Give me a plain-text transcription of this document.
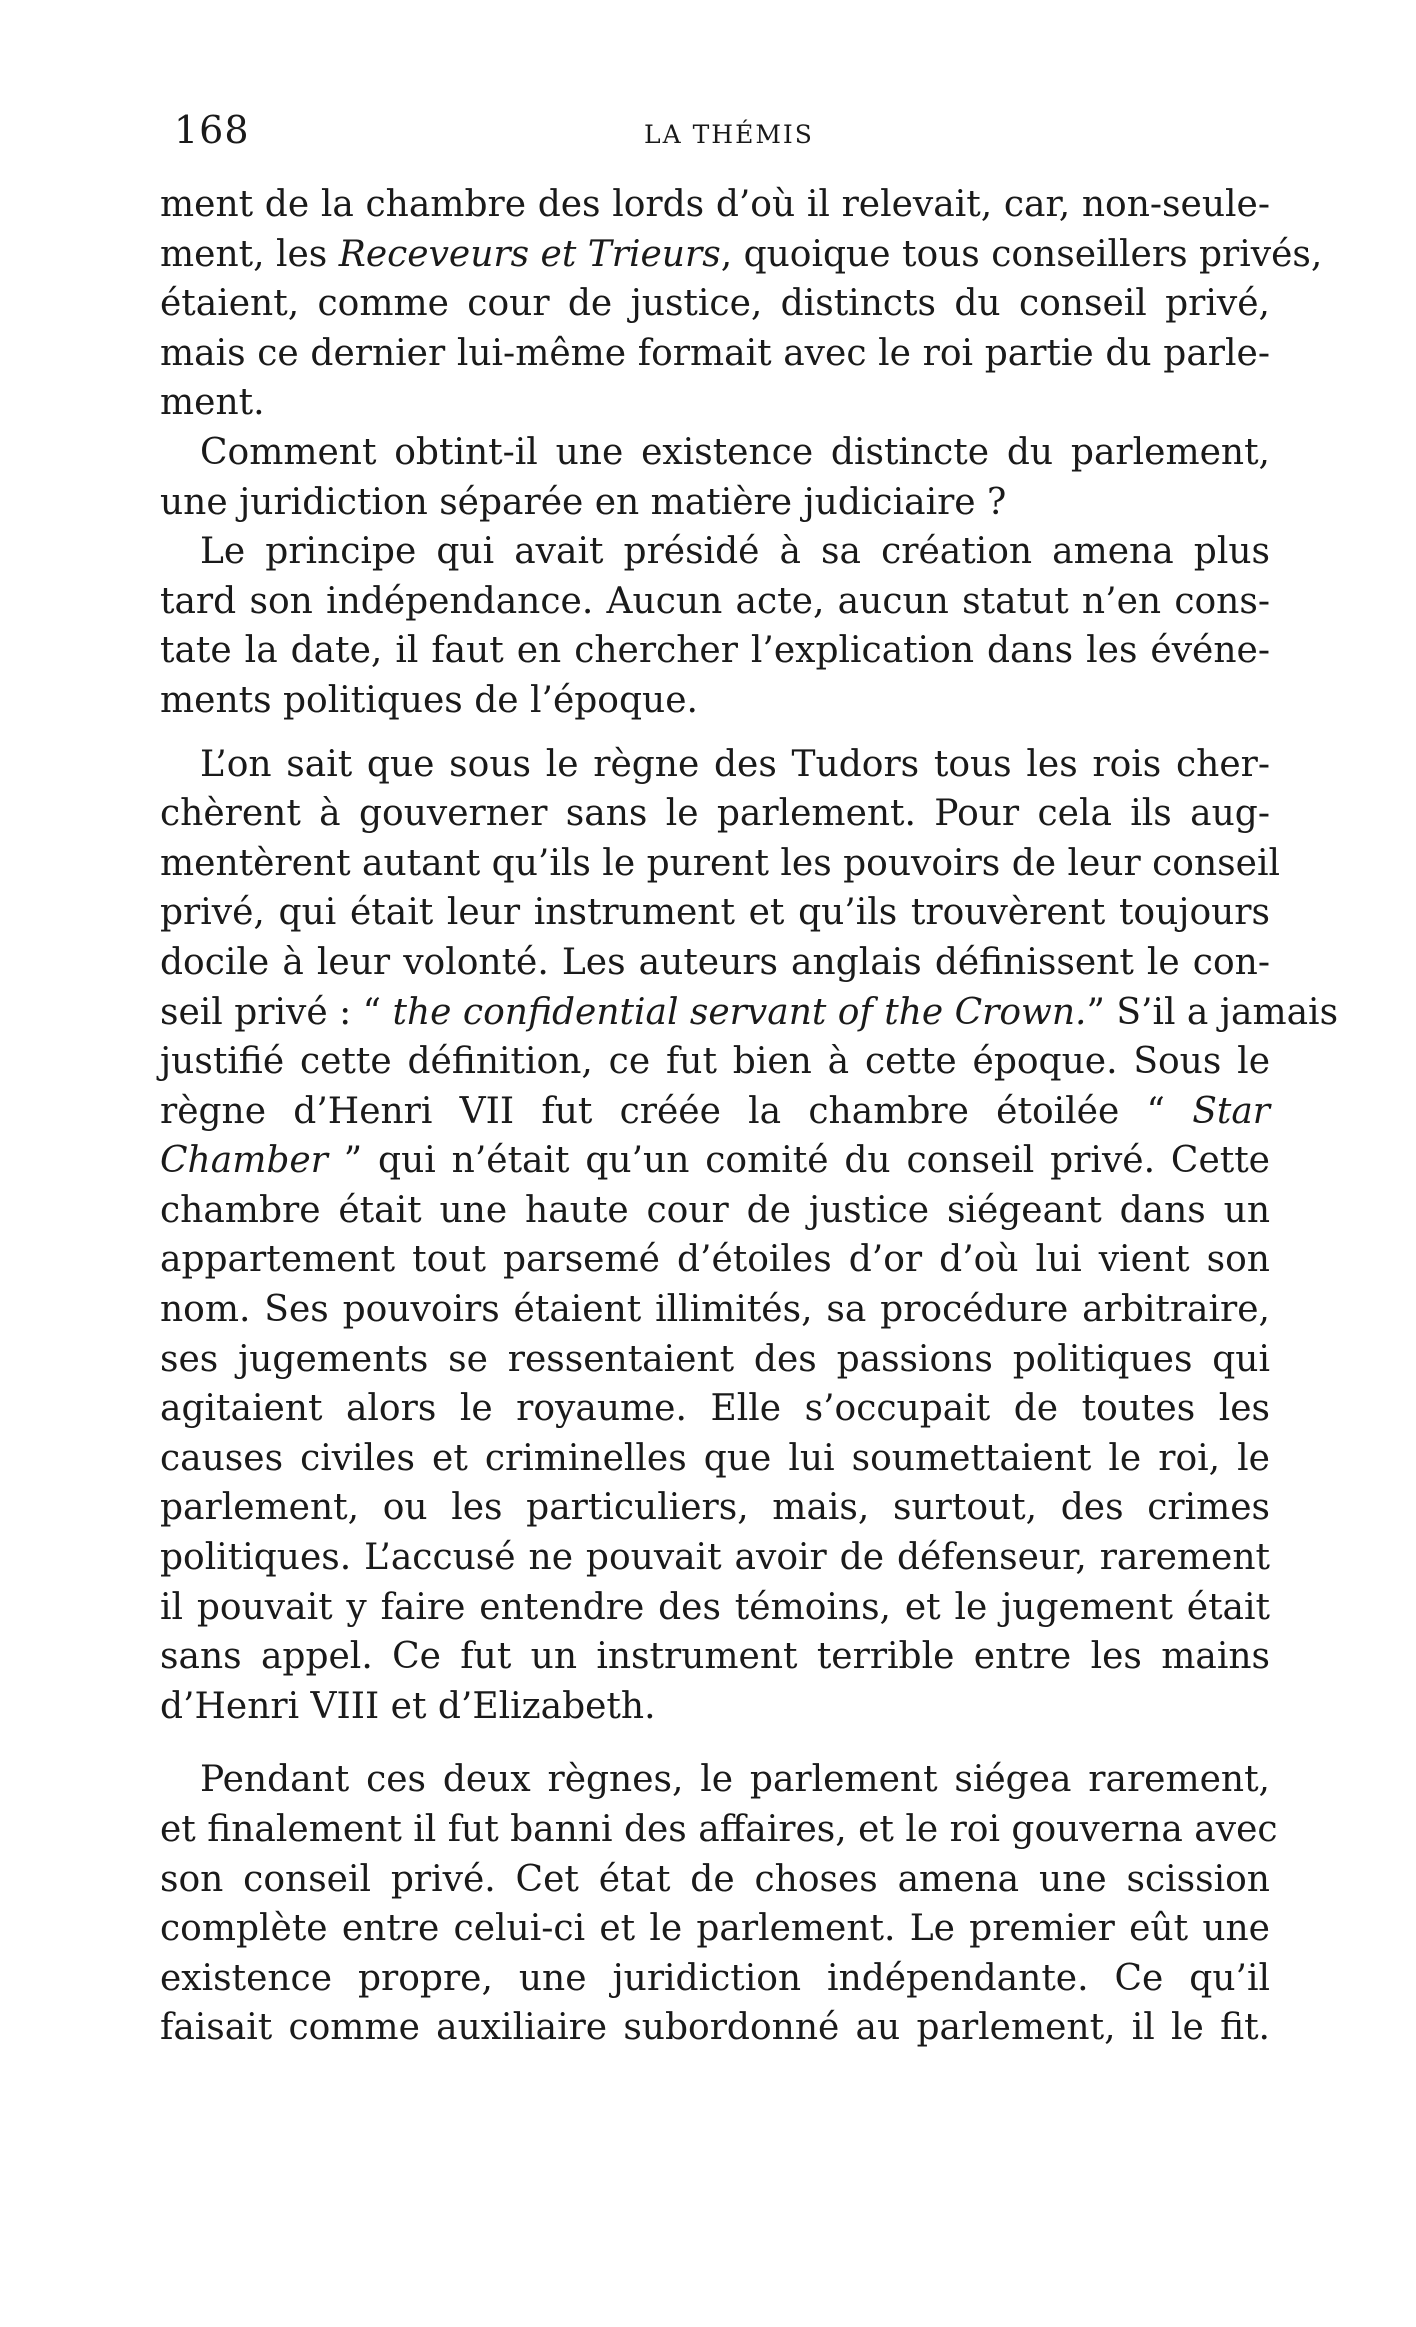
168	LA THÉMIS
ment de la chambre des lords d’où il relevait, car, non-seule-
ment, les Receveurs et Trieurs, quoique tous conseillers privés,
étaient, comme cour de justice, distincts du conseil privé,
mais ce dernier lui-même formait avec le roi partie du parle-
ment.
Comment obtint-il une existence distincte du parlement,
une juridiction séparée en matière judiciaire ?
Le principe qui avait présidé à sa création amena plus
tard son indépendance. Aucun acte, aucun statut n’en cons-
tate la date, il faut en chercher l’explication dans les événe-
ments politiques de l’époque.
L’on sait que sous le règne des Tudors tous les rois cher-
chèrent à gouverner sans le parlement. Pour cela ils aug-
mentèrent autant qu’ils le purent les pouvoirs de leur conseil
privé, qui était leur instrument et qu’ils trouvèrent toujours
docile à leur volonté. Les auteurs anglais définissent le con-
seil privé : “ the confidential servant of the Crown.” S’il a jamais
justifié cette définition, ce fut bien à cette époque. Sous le
règne d’Henri VII fut créée la chambre étoilée “ Star
Chamber ” qui n’était qu’un comité du conseil privé. Cette
chambre était une haute cour de justice siégeant dans un
appartement tout parsemé d’étoiles d’or d’où lui vient son
nom. Ses pouvoirs étaient illimités, sa procédure arbitraire,
ses jugements se ressentaient des passions politiques qui
agitaient alors le royaume. Elle s’occupait de toutes les
causes civiles et criminelles que lui soumettaient le roi, le
parlement, ou les particuliers, mais, surtout, des crimes
politiques. L’accusé ne pouvait avoir de défenseur, rarement
il pouvait y faire entendre des témoins, et le jugement était
sans appel. Ce fut un instrument terrible entre les mains
d’Henri VIII et d’Elizabeth.
Pendant ces deux règnes, le parlement siégea rarement,
et finalement il fut banni des affaires, et le roi gouverna avec
son conseil privé. Cet état de choses amena une scission
complète entre celui-ci et le parlement. Le premier eût une
existence propre, une juridiction indépendante. Ce qu’il
faisait comme auxiliaire subordonné au parlement, il le fit.
